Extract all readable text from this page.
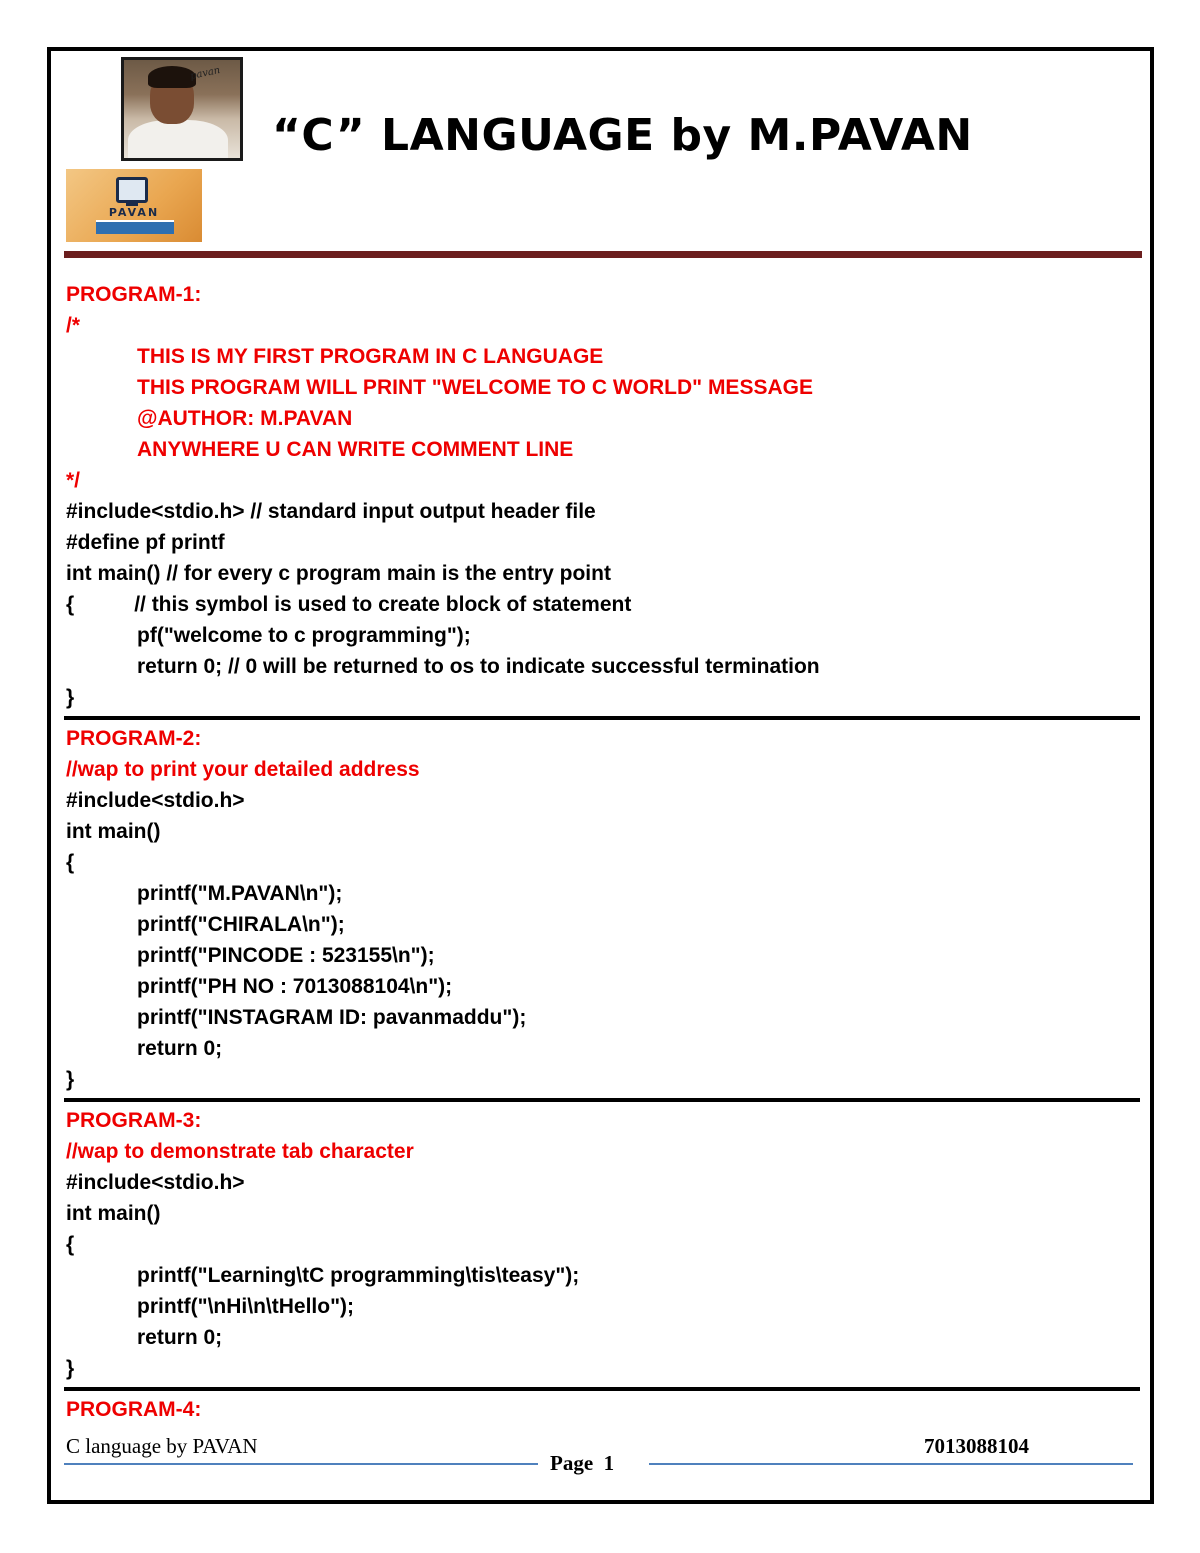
pavan
PAVAN
“C” LANGUAGE by M.PAVAN
PROGRAM-1:
/*
THIS IS MY FIRST PROGRAM IN C LANGUAGE
THIS PROGRAM WILL PRINT "WELCOME TO C WORLD" MESSAGE
@AUTHOR: M.PAVAN
ANYWHERE U CAN WRITE COMMENT LINE
*/
#include<stdio.h> // standard input output header file
#define pf printf
int main() // for every c program main is the entry point
{	// this symbol is used to create block of statement
pf("welcome to c programming");
return 0; // 0 will be returned to os to indicate successful termination
}
PROGRAM-2:
//wap to print your detailed address
#include<stdio.h>
int main()
{
printf("M.PAVAN\n");
printf("CHIRALA\n");
printf("PINCODE : 523155\n");
printf("PH NO : 7013088104\n");
printf("INSTAGRAM ID: pavanmaddu");
return 0;
}
PROGRAM-3:
//wap to demonstrate tab character
#include<stdio.h>
int main()
{
printf("Learning\tC programming\tis\teasy");
printf("\nHi\n\tHello");
return 0;
}
PROGRAM-4:
C language by PAVAN
Page 1
7013088104
